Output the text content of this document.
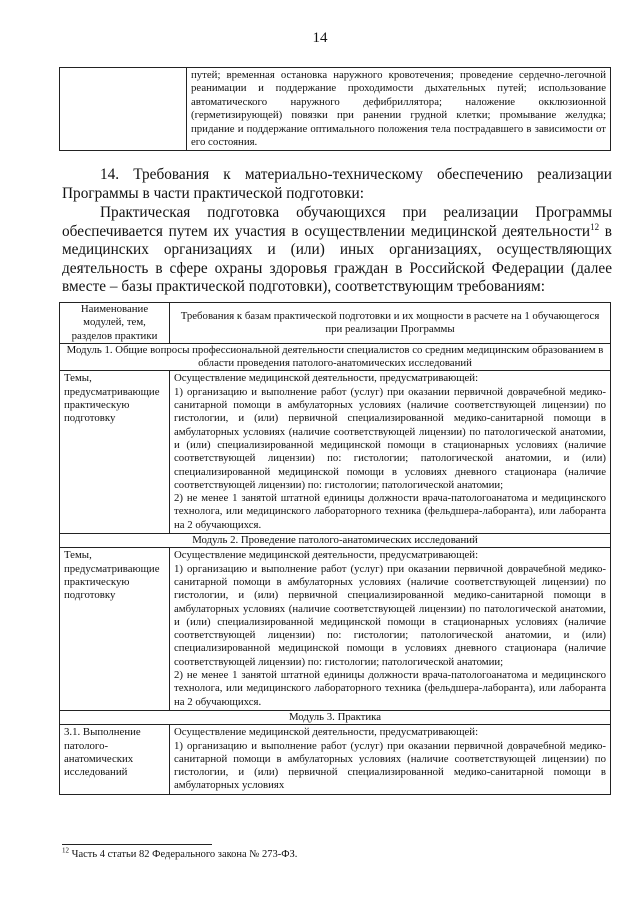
14
	путей; временная остановка наружного кровотечения; проведение сердечно-легочной реанимации и поддержание проходимости дыхательных путей; использование автоматического наружного дефибриллятора; наложение окклюзионной (герметизирующей) повязки при ранении грудной клетки; промывание желудка; придание и поддержание оптимального положения тела пострадавшего в зависимости от его состояния.
14. Требования к материально-техническому обеспечению реализации Программы в части практической подготовки:
Практическая подготовка обучающихся при реализации Программы обеспечивается путем их участия в осуществлении медицинской деятельности$^{12}$ в медицинских организациях и (или) иных организациях, осуществляющих деятельность в сфере охраны здоровья граждан в Российской Федерации (далее вместе – базы практической подготовки), соответствующим требованиям:
Наименование модулей, тем, разделов практики	Требования к базам практической подготовки и их мощности в расчете на 1 обучающегося при реализации Программы
Модуль 1. Общие вопросы профессиональной деятельности специалистов со средним медицинским образованием в области проведения патолого-анатомических исследований	
Темы, предусматривающие практическую подготовку	Осуществление медицинской деятельности, предусматривающей:
1) организацию и выполнение работ (услуг) при оказании первичной доврачебной медико-санитарной помощи в амбулаторных условиях (наличие соответствующей лицензии) по гистологии, и (или) первичной специализированной медико-санитарной помощи в амбулаторных условиях (наличие соответствующей лицензии) по патологической анатомии, и (или) специализированной медицинской помощи в стационарных условиях (наличие соответствующей лицензии) по: гистологии; патологической анатомии, и (или) специализированной медицинской помощи в условиях дневного стационара (наличие соответствующей лицензии) по: гистологии; патологической анатомии;
2) не менее 1 занятой штатной единицы должности врача-патологоанатома и медицинского технолога, или медицинского лабораторного техника (фельдшера-лаборанта), или лаборанта на 2 обучающихся.

Модуль 2. Проведение патолого-анатомических исследований	
Темы, предусматривающие практическую подготовку	Осуществление медицинской деятельности, предусматривающей:
1) организацию и выполнение работ (услуг) при оказании первичной доврачебной медико-санитарной помощи в амбулаторных условиях (наличие соответствующей лицензии) по гистологии, и (или) первичной специализированной медико-санитарной помощи в амбулаторных условиях (наличие соответствующей лицензии) по патологической анатомии, и (или) специализированной медицинской помощи в стационарных условиях (наличие соответствующей лицензии) по: гистологии; патологической анатомии, и (или) специализированной медицинской помощи в условиях дневного стационара (наличие соответствующей лицензии) по: гистологии; патологической анатомии;
2) не менее 1 занятой штатной единицы должности врача-патологоанатома и медицинского технолога, или медицинского лабораторного техника (фельдшера-лаборанта), или лаборанта на 2 обучающихся.

Модуль 3. Практика	
3.1. Выполнение патолого-анатомических исследований	Осуществление медицинской деятельности, предусматривающей:
1) организацию и выполнение работ (услуг) при оказании первичной доврачебной медико-санитарной помощи в амбулаторных условиях (наличие соответствующей лицензии) по гистологии, и (или) первичной специализированной медико-санитарной помощи в амбулаторных условиях
$^{12}$ Часть 4 статьи 82 Федерального закона № 273-ФЗ.
